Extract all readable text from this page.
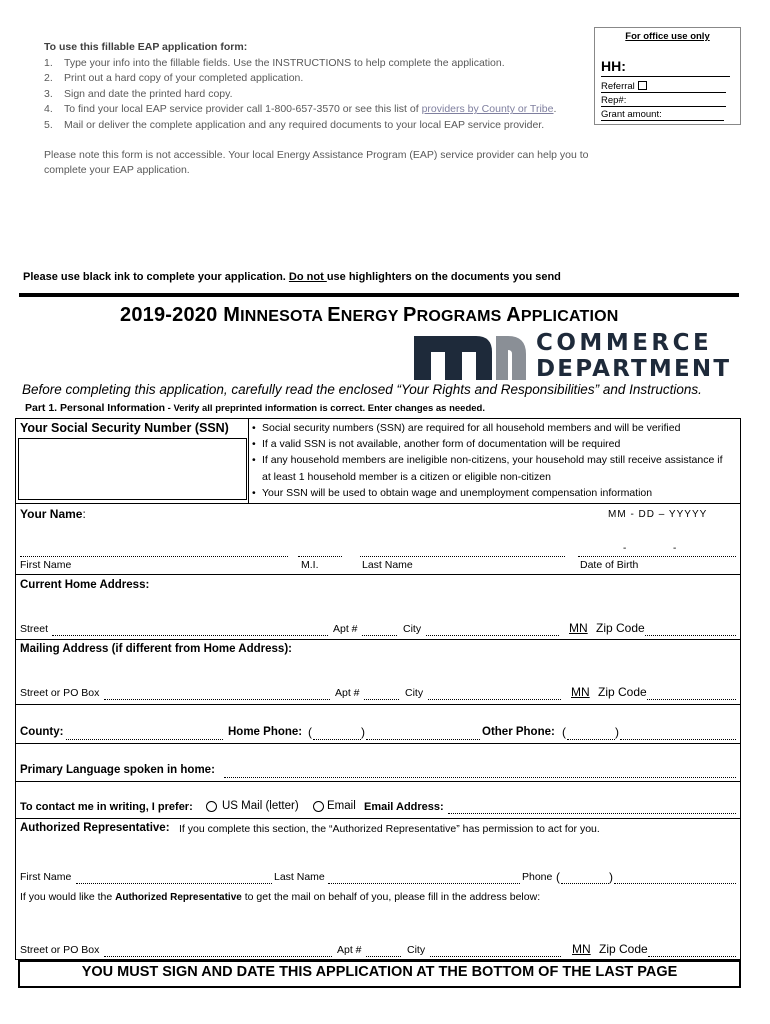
To use this fillable EAP application form:
1.	Type your info into the fillable fields. Use the INSTRUCTIONS to help complete the application.
2.	Print out a hard copy of your completed application.
3.	Sign and date the printed hard copy.
4.	To find your local EAP service provider call 1-800-657-3570 or see this list of providers by County or Tribe.
5.	Mail or deliver the complete application and any required documents to your local EAP service provider.
Please note this form is not accessible. Your local Energy Assistance Program (EAP) service provider can help you to complete your EAP application.
For office use only
HH:
Referral
Rep#:
Grant amount:
Please use black ink to complete your application. Do not use highlighters on the documents you send
2019-2020 MINNESOTA ENERGY PROGRAMS APPLICATION
COMMERCE
DEPARTMENT
Before completing this application, carefully read the enclosed “Your Rights and Responsibilities” and Instructions.
Part 1. Personal Information - Verify all preprinted information is correct. Enter changes as needed.
Your Social Security Number (SSN)	• Social security numbers (SSN) are required for all household members and will be verified
• If a valid SSN is not available, another form of documentation will be required
• If any household members are ineligible non-citizens, your household may still receive assistance if at least 1 household member is a citizen or eligible non-citizen
• Your SSN will be used to obtain wage and unemployment compensation information
Your Name:	MM - DD – YYYYY
-	-
First Name	M.I.	Last Name	Date of Birth
Current Home Address:
Street	Apt #	City	MN Zip Code
Mailing Address (if different from Home Address):
Street or PO Box	Apt #	City	MN Zip Code
County:	Home Phone: (	)	Other Phone: (	)
Primary Language spoken in home:
To contact me in writing, I prefer:	US Mail (letter) Email Email Address:
Authorized Representative: If you complete this section, the “Authorized Representative” has permission to act for you.
First Name	Last Name	Phone (	)
If you would like the Authorized Representative to get the mail on behalf of you, please fill in the address below:
Street or PO Box	Apt #	City	MN Zip Code
YOU MUST SIGN AND DATE THIS APPLICATION AT THE BOTTOM OF THE LAST PAGE
